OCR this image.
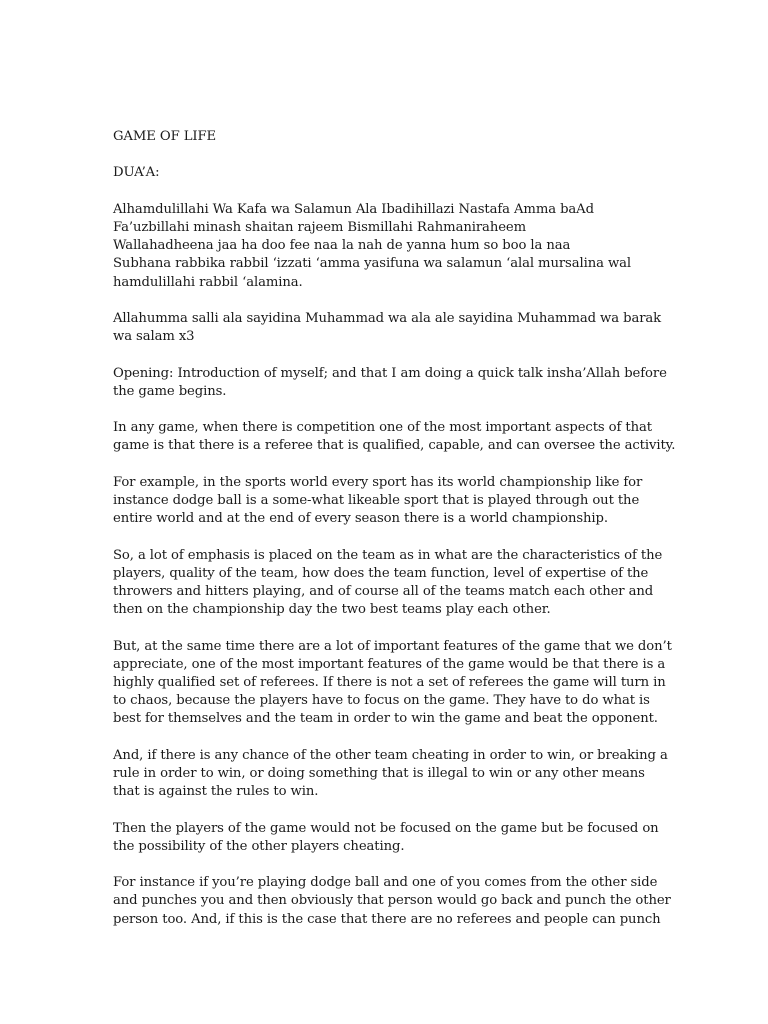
GAME OF LIFE

DUA’A:

Alhamdulillahi Wa Kafa wa Salamun Ala Ibadihillazi Nastafa Amma baAd
Fa’uzbillahi minash shaitan rajeem Bismillahi Rahmaniraheem
Wallahadheena jaa ha doo fee naa la nah de yanna hum so boo la naa
Subhana rabbika rabbil ‘izzati ‘amma yasifuna wa salamun ‘alal mursalina wal
hamdulillahi rabbil ‘alamina.

Allahumma salli ala sayidina Muhammad wa ala ale sayidina Muhammad wa barak
wa salam x3

Opening: Introduction of myself; and that I am doing a quick talk insha’Allah before
the game begins.

In any game, when there is competition one of the most important aspects of that
game is that there is a referee that is qualified, capable, and can oversee the activity.

For example, in the sports world every sport has its world championship like for
instance dodge ball is a some-what likeable sport that is played through out the
entire world and at the end of every season there is a world championship.

So, a lot of emphasis is placed on the team as in what are the characteristics of the
players, quality of the team, how does the team function, level of expertise of the
throwers and hitters playing, and of course all of the teams match each other and
then on the championship day the two best teams play each other.

But, at the same time there are a lot of important features of the game that we don’t
appreciate, one of the most important features of the game would be that there is a
highly qualified set of referees. If there is not a set of referees the game will turn in
to chaos, because the players have to focus on the game. They have to do what is
best for themselves and the team in order to win the game and beat the opponent.

And, if there is any chance of the other team cheating in order to win, or breaking a
rule in order to win, or doing something that is illegal to win or any other means
that is against the rules to win.

Then the players of the game would not be focused on the game but be focused on
the possibility of the other players cheating.

For instance if you’re playing dodge ball and one of you comes from the other side
and punches you and then obviously that person would go back and punch the other
person too. And, if this is the case that there are no referees and people can punch
